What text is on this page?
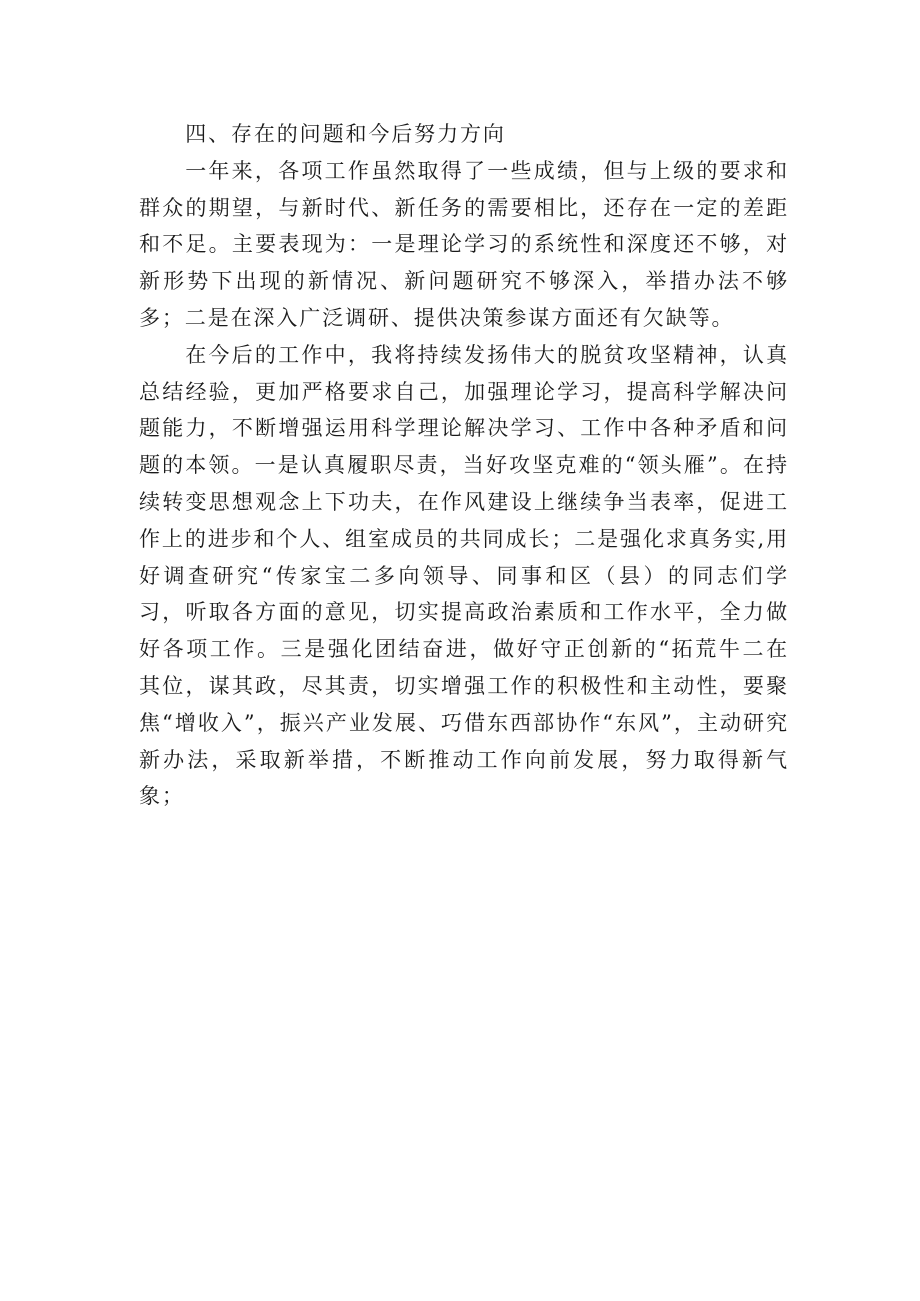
四、存在的问题和今后努力方向

一年来，各项工作虽然取得了一些成绩，但与上级的要求和群众的期望，与新时代、新任务的需要相比，还存在一定的差距和不足。主要表现为：一是理论学习的系统性和深度还不够，对新形势下出现的新情况、新问题研究不够深入，举措办法不够多；二是在深入广泛调研、提供决策参谋方面还有欠缺等。

在今后的工作中，我将持续发扬伟大的脱贫攻坚精神，认真总结经验，更加严格要求自己，加强理论学习，提高科学解决问题能力，不断增强运用科学理论解决学习、工作中各种矛盾和问题的本领。一是认真履职尽责，当好攻坚克难的“领头雁”。在持续转变思想观念上下功夫，在作风建设上继续争当表率，促进工作上的进步和个人、组室成员的共同成长；二是强化求真务实,用好调查研究“传家宝二多向领导、同事和区（县）的同志们学习，听取各方面的意见，切实提高政治素质和工作水平，全力做好各项工作。三是强化团结奋进，做好守正创新的“拓荒牛二在其位，谋其政，尽其责，切实增强工作的积极性和主动性，要聚焦“增收入”，振兴产业发展、巧借东西部协作“东风”，主动研究新办法，采取新举措，不断推动工作向前发展，努力取得新气象；
